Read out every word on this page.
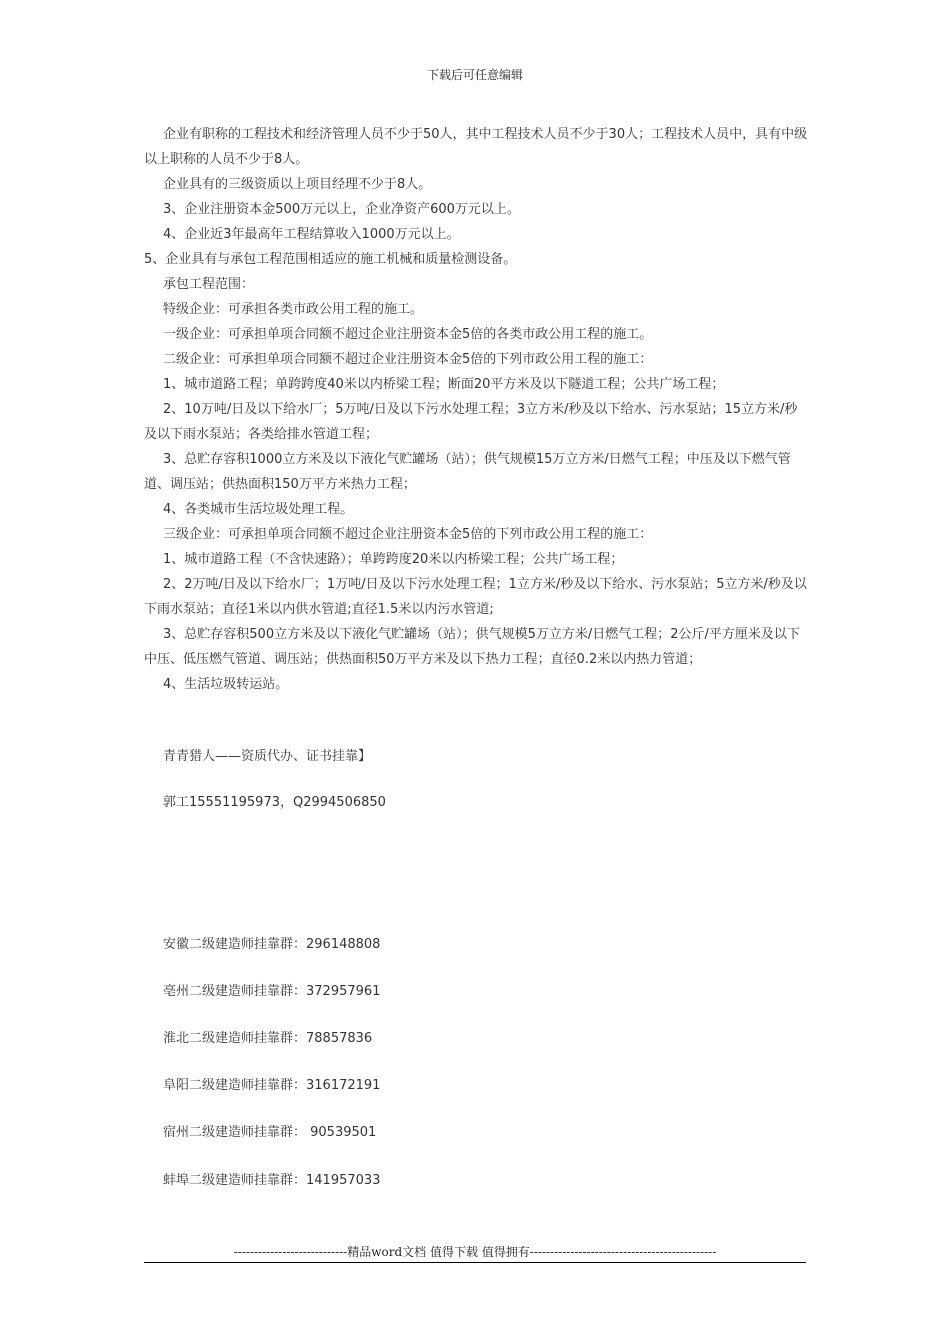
下载后可任意编辑

企业有职称的工程技术和经济管理人员不少于50人，其中工程技术人员不少于30人；工程技术人员中，具有中级以上职称的人员不少于8人。

企业具有的三级资质以上项目经理不少于8人。

3、企业注册资本金500万元以上，企业净资产600万元以上。

4、企业近3年最高年工程结算收入1000万元以上。

5、企业具有与承包工程范围相适应的施工机械和质量检测设备。

承包工程范围：

特级企业：可承担各类市政公用工程的施工。

一级企业：可承担单项合同额不超过企业注册资本金5倍的各类市政公用工程的施工。

二级企业：可承担单项合同额不超过企业注册资本金5倍的下列市政公用工程的施工：

1、城市道路工程；单跨跨度40米以内桥梁工程；断面20平方米及以下隧道工程；公共广场工程；

2、10万吨/日及以下给水厂；5万吨/日及以下污水处理工程；3立方米/秒及以下给水、污水泵站；15立方米/秒及以下雨水泵站；各类给排水管道工程；

3、总贮存容积1000立方米及以下液化气贮罐场（站）；供气规模15万立方米/日燃气工程；中压及以下燃气管道、调压站；供热面积150万平方米热力工程；

4、各类城市生活垃圾处理工程。

三级企业：可承担单项合同额不超过企业注册资本金5倍的下列市政公用工程的施工：

1、城市道路工程（不含快速路）；单跨跨度20米以内桥梁工程；公共广场工程；

2、2万吨/日及以下给水厂；1万吨/日及以下污水处理工程；1立方米/秒及以下给水、污水泵站；5立方米/秒及以下雨水泵站；直径1米以内供水管道;直径1.5米以内污水管道;

3、总贮存容积500立方米及以下液化气贮罐场（站）；供气规模5万立方米/日燃气工程；2公斤/平方厘米及以下中压、低压燃气管道、调压站；供热面积50万平方米及以下热力工程；直径0.2米以内热力管道；

4、生活垃圾转运站。

青青猎人——资质代办、证书挂靠】
郭工15551195973，Q2994506850
安徽二级建造师挂靠群：296148808
亳州二级建造师挂靠群：372957961
淮北二级建造师挂靠群：78857836
阜阳二级建造师挂靠群：316172191
宿州二级建造师挂靠群： 90539501
蚌埠二级建造师挂靠群：141957033
----------------------------精品word文档 值得下载 值得拥有----------------------------------------------
